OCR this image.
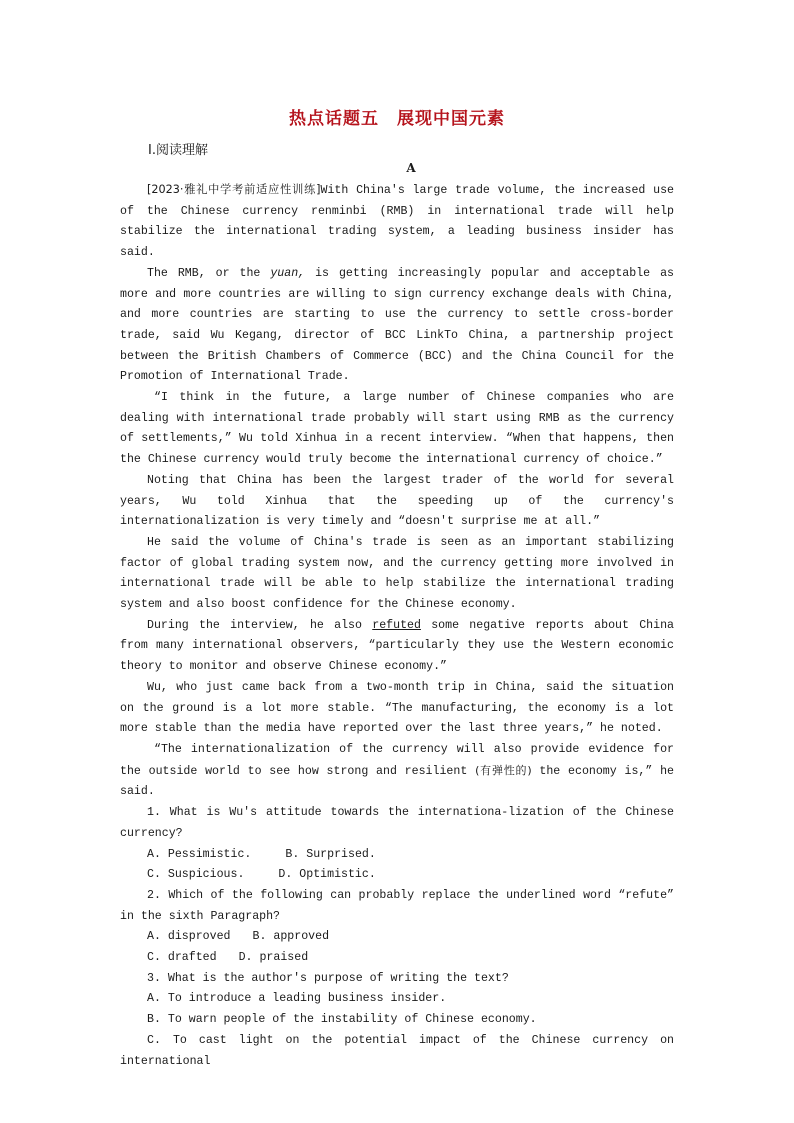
热点话题五　展现中国元素
Ⅰ.阅读理解
A

[2023·雅礼中学考前适应性训练]With China's large trade volume, the increased use of the Chinese currency renminbi (RMB) in international trade will help stabilize the international trading system, a leading business insider has said.

The RMB, or the yuan, is getting increasingly popular and acceptable as more and more countries are willing to sign currency exchange deals with China, and more countries are starting to use the currency to settle cross-border trade, said Wu Kegang, director of BCC LinkTo China, a partnership project between the British Chambers of Commerce (BCC) and the China Council for the Promotion of International Trade.

“I think in the future, a large number of Chinese companies who are dealing with international trade probably will start using RMB as the currency of settlements,” Wu told Xinhua in a recent interview. “When that happens, then the Chinese currency would truly become the international currency of choice.”

Noting that China has been the largest trader of the world for several years, Wu told Xinhua that the speeding up of the currency's internationalization is very timely and “doesn't surprise me at all.”

He said the volume of China's trade is seen as an important stabilizing factor of global trading system now, and the currency getting more involved in international trade will be able to help stabilize the international trading system and also boost confidence for the Chinese economy.

During the interview, he also refuted some negative reports about China from many international observers, “particularly they use the Western economic theory to monitor and observe Chinese economy.”

Wu, who just came back from a two-month trip in China, said the situation on the ground is a lot more stable. “The manufacturing, the economy is a lot more stable than the media have reported over the last three years,” he noted.

“The internationalization of the currency will also provide evidence for the outside world to see how strong and resilient (有弹性的) the economy is,” he said.

1. What is Wu's attitude towards the internationa-lization of the Chinese currency?

A. Pessimistic.	B. Surprised.

C. Suspicious.	D. Optimistic.

2. Which of the following can probably replace the underlined word “refute” in the sixth Paragraph?

A. disproved B. approved

C. drafted D. praised

3. What is the author's purpose of writing the text?

A. To introduce a leading business insider.

B. To warn people of the instability of Chinese economy.

C. To cast light on the potential impact of the Chinese currency on international
